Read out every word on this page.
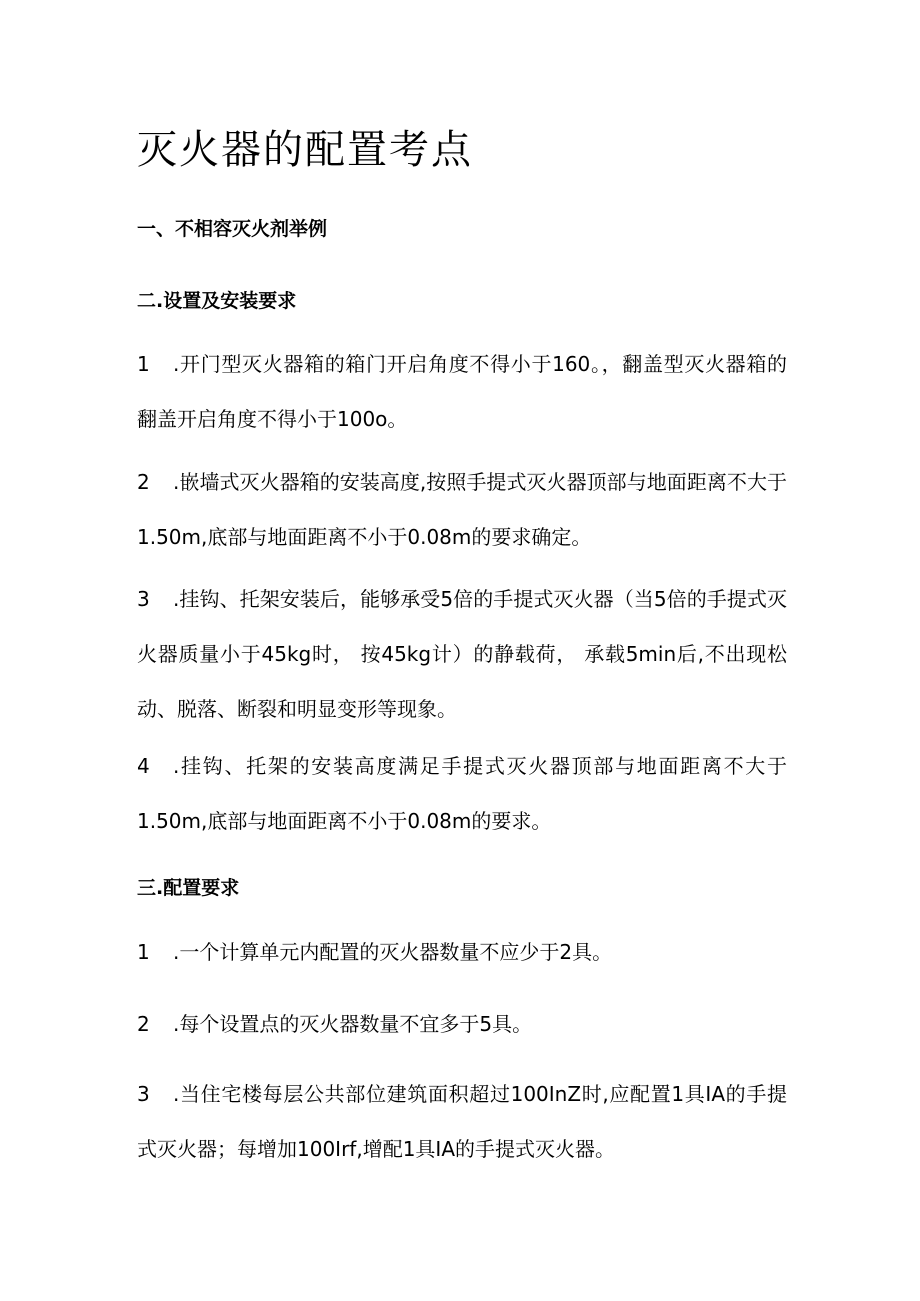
灭火器的配置考点
一、不相容灭火剂举例
二.设置及安装要求

1 .开门型灭火器箱的箱门开启角度不得小于160。，翻盖型灭火器箱的翻盖开启角度不得小于100o。

2 .嵌墙式灭火器箱的安装高度,按照手提式灭火器顶部与地面距离不大于1.50m,底部与地面距离不小于0.08m的要求确定。

3 .挂钩、托架安装后，能够承受5倍的手提式灭火器（当5倍的手提式灭火器质量小于45kg时， 按45kg计）的静载荷， 承载5min后,不出现松动、脱落、断裂和明显变形等现象。

4 .挂钩、托架的安装高度满足手提式灭火器顶部与地面距离不大于1.50m,底部与地面距离不小于0.08m的要求。

三.配置要求

1 .一个计算单元内配置的灭火器数量不应少于2具。

2 .每个设置点的灭火器数量不宜多于5具。

3 .当住宅楼每层公共部位建筑面积超过100InZ时,应配置1具IA的手提式灭火器；每增加100Irf,增配1具IA的手提式灭火器。
